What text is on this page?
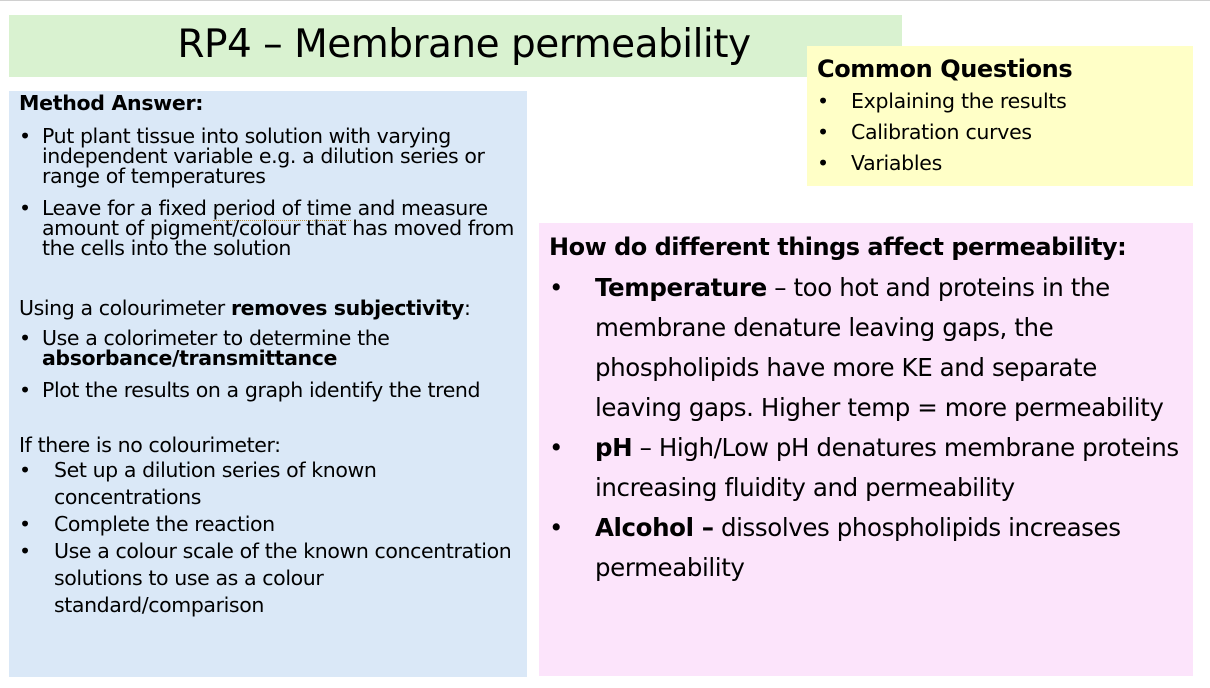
RP4 – Membrane permeability
Common Questions
• Explaining the results
• Calibration curves
• Variables
Method Answer:
• Put plant tissue into solution with varying independent variable e.g. a dilution series or range of temperatures
• Leave for a fixed period of time and measure amount of pigment/colour that has moved from the cells into the solution
Using a colourimeter removes subjectivity:
• Use a colorimeter to determine the absorbance/transmittance
• Plot the results on a graph identify the trend
If there is no colourimeter:
• Set up a dilution series of known concentrations
• Complete the reaction
• Use a colour scale of the known concentration solutions to use as a colour standard/comparison
How do different things affect permeability:
• Temperature – too hot and proteins in the membrane denature leaving gaps, the phospholipids have more KE and separate leaving gaps. Higher temp = more permeability
• pH – High/Low pH denatures membrane proteins increasing fluidity and permeability
• Alcohol – dissolves phospholipids increases permeability
